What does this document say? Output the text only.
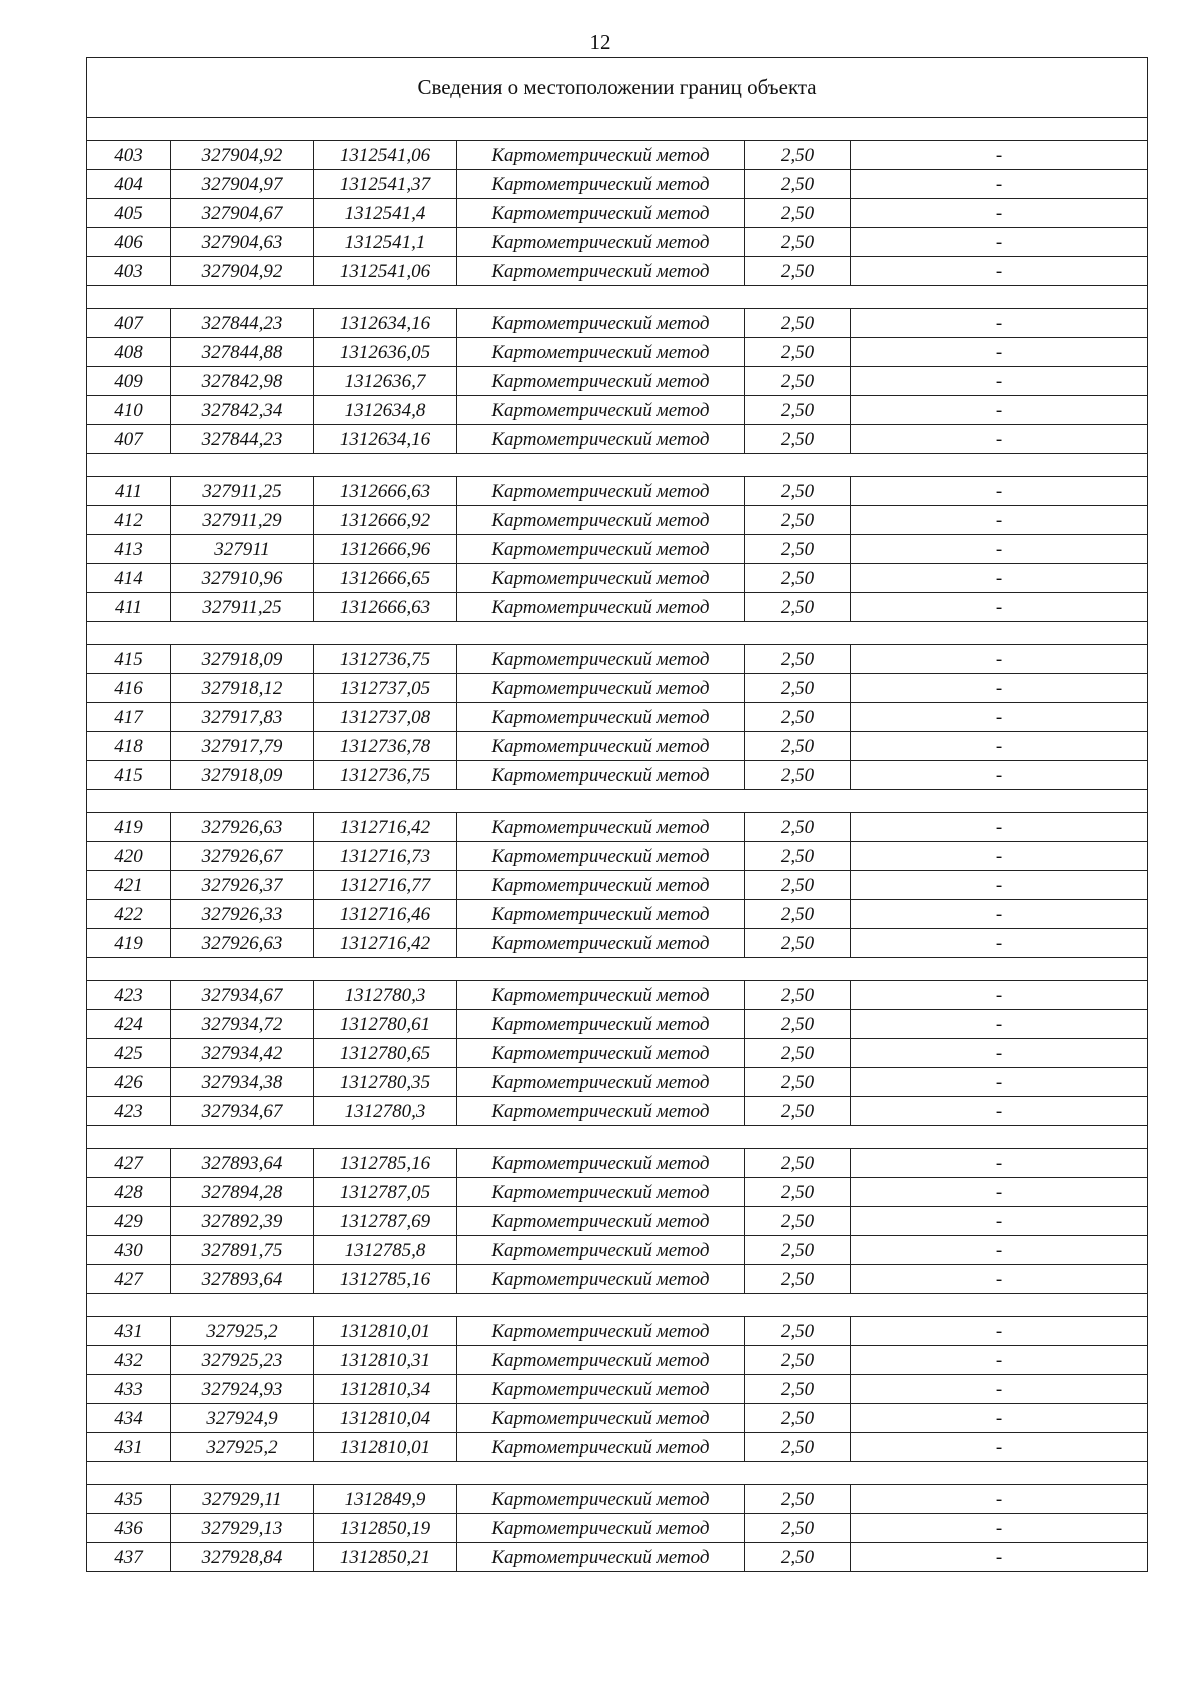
12
Сведения о местоположении границ объекта					

403	327904,92	1312541,06	Картометрический метод	2,50	-
404	327904,97	1312541,37	Картометрический метод	2,50	-
405	327904,67	1312541,4	Картометрический метод	2,50	-
406	327904,63	1312541,1	Картометрический метод	2,50	-
403	327904,92	1312541,06	Картометрический метод	2,50	-

407	327844,23	1312634,16	Картометрический метод	2,50	-
408	327844,88	1312636,05	Картометрический метод	2,50	-
409	327842,98	1312636,7	Картометрический метод	2,50	-
410	327842,34	1312634,8	Картометрический метод	2,50	-
407	327844,23	1312634,16	Картометрический метод	2,50	-

411	327911,25	1312666,63	Картометрический метод	2,50	-
412	327911,29	1312666,92	Картометрический метод	2,50	-
413	327911	1312666,96	Картометрический метод	2,50	-
414	327910,96	1312666,65	Картометрический метод	2,50	-
411	327911,25	1312666,63	Картометрический метод	2,50	-

415	327918,09	1312736,75	Картометрический метод	2,50	-
416	327918,12	1312737,05	Картометрический метод	2,50	-
417	327917,83	1312737,08	Картометрический метод	2,50	-
418	327917,79	1312736,78	Картометрический метод	2,50	-
415	327918,09	1312736,75	Картометрический метод	2,50	-

419	327926,63	1312716,42	Картометрический метод	2,50	-
420	327926,67	1312716,73	Картометрический метод	2,50	-
421	327926,37	1312716,77	Картометрический метод	2,50	-
422	327926,33	1312716,46	Картометрический метод	2,50	-
419	327926,63	1312716,42	Картометрический метод	2,50	-

423	327934,67	1312780,3	Картометрический метод	2,50	-
424	327934,72	1312780,61	Картометрический метод	2,50	-
425	327934,42	1312780,65	Картометрический метод	2,50	-
426	327934,38	1312780,35	Картометрический метод	2,50	-
423	327934,67	1312780,3	Картометрический метод	2,50	-

427	327893,64	1312785,16	Картометрический метод	2,50	-
428	327894,28	1312787,05	Картометрический метод	2,50	-
429	327892,39	1312787,69	Картометрический метод	2,50	-
430	327891,75	1312785,8	Картометрический метод	2,50	-
427	327893,64	1312785,16	Картометрический метод	2,50	-

431	327925,2	1312810,01	Картометрический метод	2,50	-
432	327925,23	1312810,31	Картометрический метод	2,50	-
433	327924,93	1312810,34	Картометрический метод	2,50	-
434	327924,9	1312810,04	Картометрический метод	2,50	-
431	327925,2	1312810,01	Картометрический метод	2,50	-

435	327929,11	1312849,9	Картометрический метод	2,50	-
436	327929,13	1312850,19	Картометрический метод	2,50	-
437	327928,84	1312850,21	Картометрический метод	2,50	-
